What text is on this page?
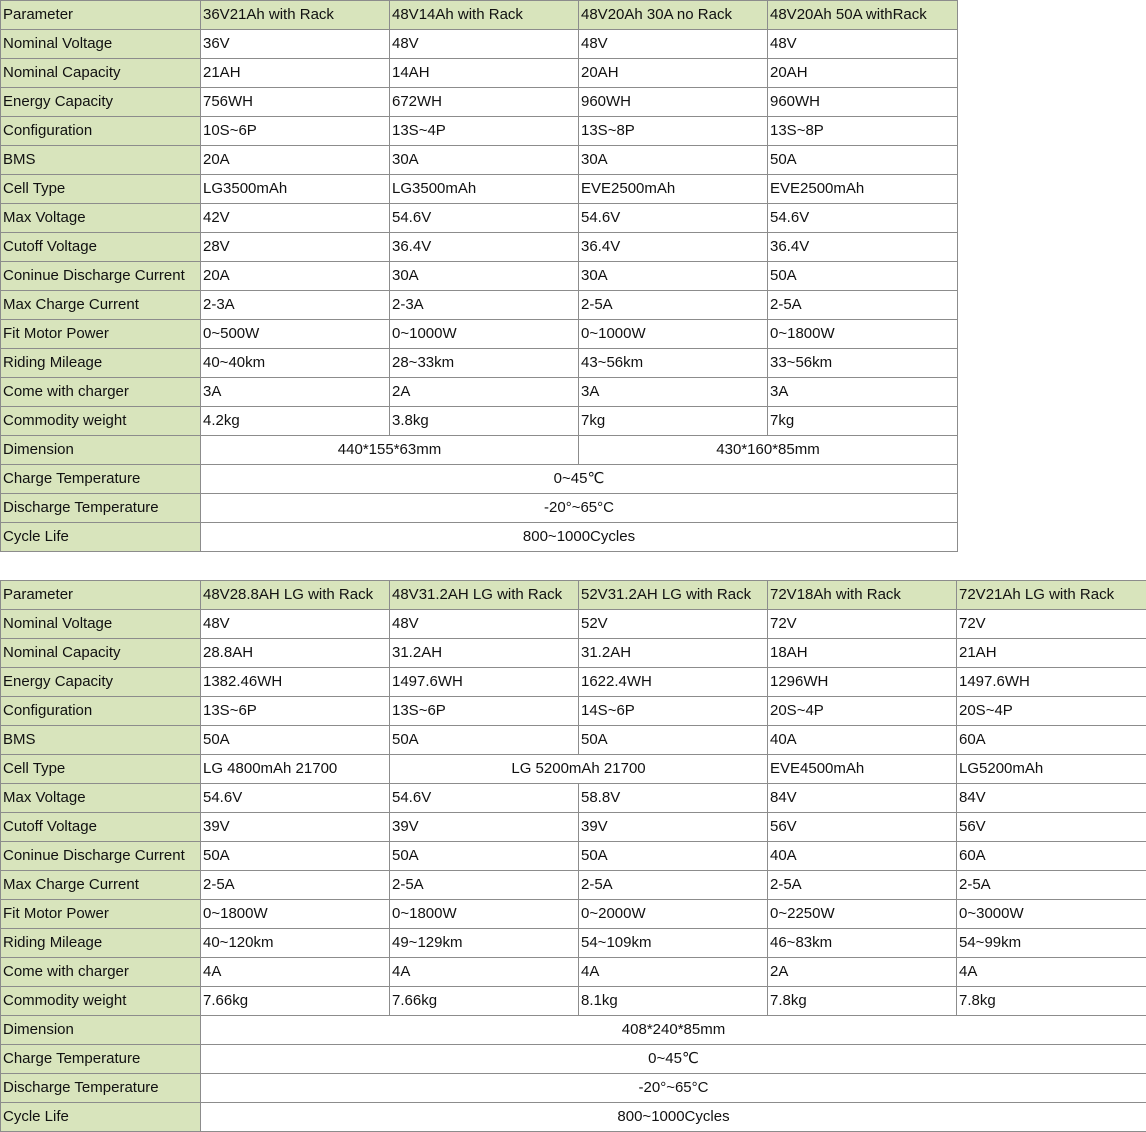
Parameter	36V21Ah with Rack	48V14Ah with Rack	48V20Ah 30A no Rack	48V20Ah 50A withRack
Nominal Voltage	36V	48V	48V	48V
Nominal Capacity	21AH	14AH	20AH	20AH
Energy Capacity	756WH	672WH	960WH	960WH
Configuration	10S~6P	13S~4P	13S~8P	13S~8P
BMS	20A	30A	30A	50A
Cell Type	LG3500mAh	LG3500mAh	EVE2500mAh	EVE2500mAh
Max Voltage	42V	54.6V	54.6V	54.6V
Cutoff Voltage	28V	36.4V	36.4V	36.4V
Coninue Discharge Current	20A	30A	30A	50A
Max Charge Current	2-3A	2-3A	2-5A	2-5A
Fit Motor Power	0~500W	0~1000W	0~1000W	0~1800W
Riding Mileage	40~40km	28~33km	43~56km	33~56km
Come with charger	3A	2A	3A	3A
Commodity weight	4.2kg	3.8kg	7kg	7kg
Dimension	440*155*63mm		430*160*85mm	
Charge Temperature	0~45℃			
Discharge Temperature	-20°~65°C			
Cycle Life	800~1000Cycles			
Parameter	48V28.8AH LG with Rack	48V31.2AH LG with Rack	52V31.2AH LG with Rack	72V18Ah with Rack	72V21Ah LG with Rack
Nominal Voltage	48V	48V	52V	72V	72V
Nominal Capacity	28.8AH	31.2AH	31.2AH	18AH	21AH
Energy Capacity	1382.46WH	1497.6WH	1622.4WH	1296WH	1497.6WH
Configuration	13S~6P	13S~6P	14S~6P	20S~4P	20S~4P
BMS	50A	50A	50A	40A	60A
Cell Type	LG 4800mAh 21700	LG 5200mAh 21700		EVE4500mAh	LG5200mAh
Max Voltage	54.6V	54.6V	58.8V	84V	84V
Cutoff Voltage	39V	39V	39V	56V	56V
Coninue Discharge Current	50A	50A	50A	40A	60A
Max Charge Current	2-5A	2-5A	2-5A	2-5A	2-5A
Fit Motor Power	0~1800W	0~1800W	0~2000W	0~2250W	0~3000W
Riding Mileage	40~120km	49~129km	54~109km	46~83km	54~99km
Come with charger	4A	4A	4A	2A	4A
Commodity weight	7.66kg	7.66kg	8.1kg	7.8kg	7.8kg
Dimension	408*240*85mm				
Charge Temperature	0~45℃				
Discharge Temperature	-20°~65°C				
Cycle Life	800~1000Cycles				
